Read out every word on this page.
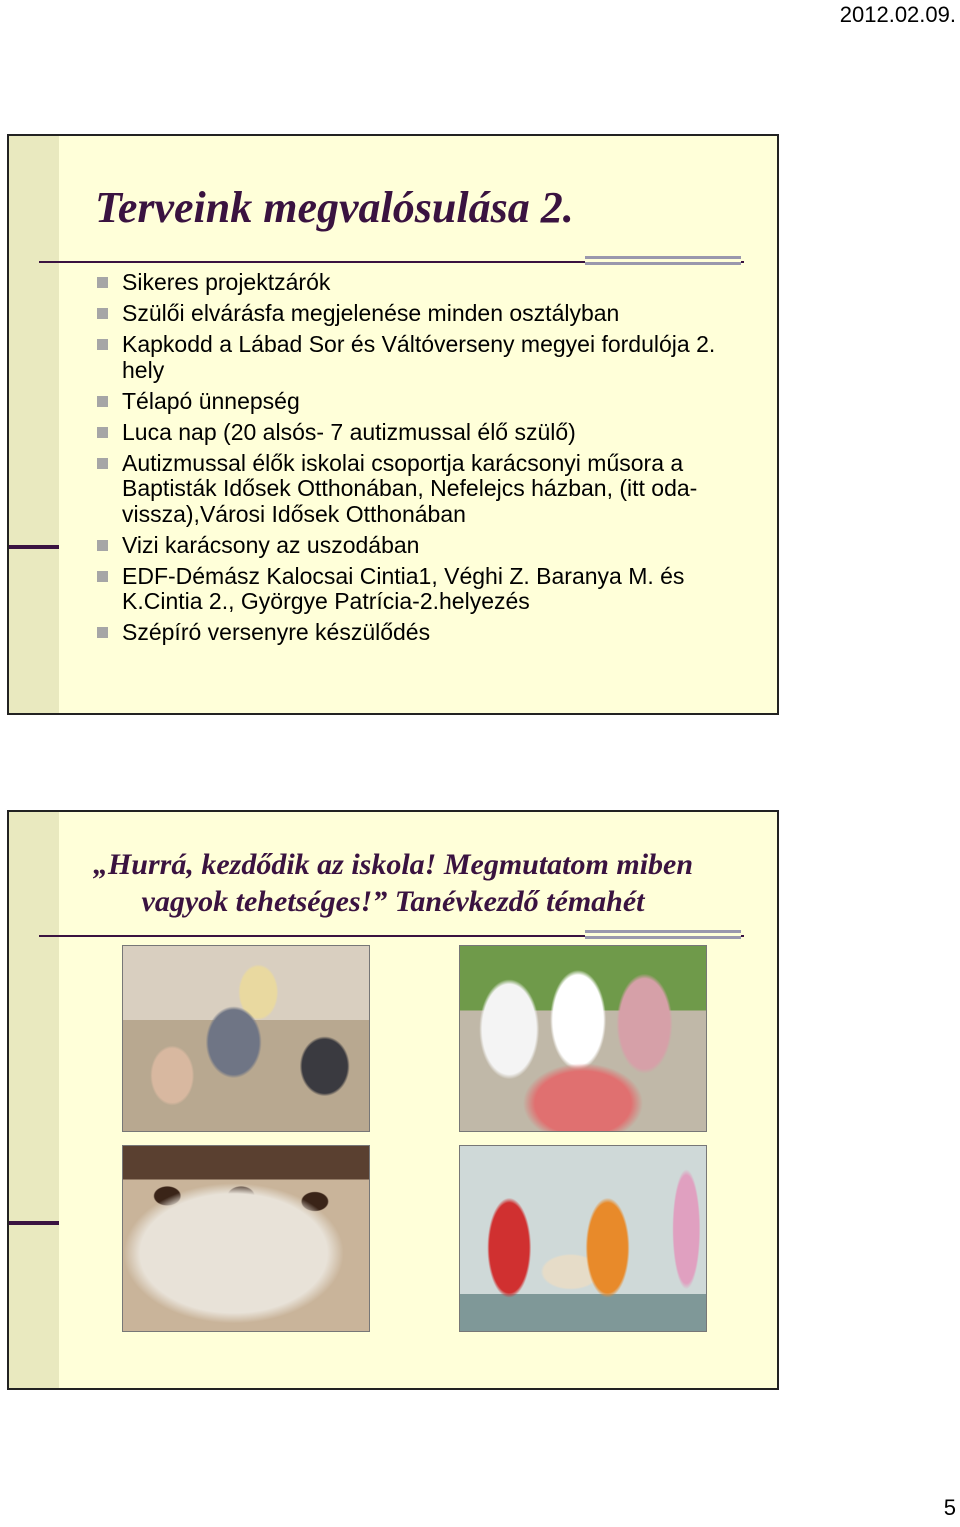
2012.02.09.
Terveink megvalósulása 2.
Sikeres projektzárók
Szülői elvárásfa megjelenése minden osztályban
Kapkodd a Lábad Sor és Váltóverseny megyei fordulója 2. hely
Télapó ünnepség
Luca nap (20 alsós- 7 autizmussal élő szülő)
Autizmussal élők iskolai csoportja karácsonyi műsora a Baptisták Idősek Otthonában, Nefelejcs házban, (itt oda-vissza),Városi Idősek Otthonában
Vizi karácsony az uszodában
EDF-Démász Kalocsai Cintia1, Véghi Z. Baranya M. és K.Cintia 2., Györgye Patrícia-2.helyezés
Szépíró versenyre készülődés
„Hurrá, kezdődik az iskola! Megmutatom miben vagyok tehetséges!” Tanévkezdő témahét
5
